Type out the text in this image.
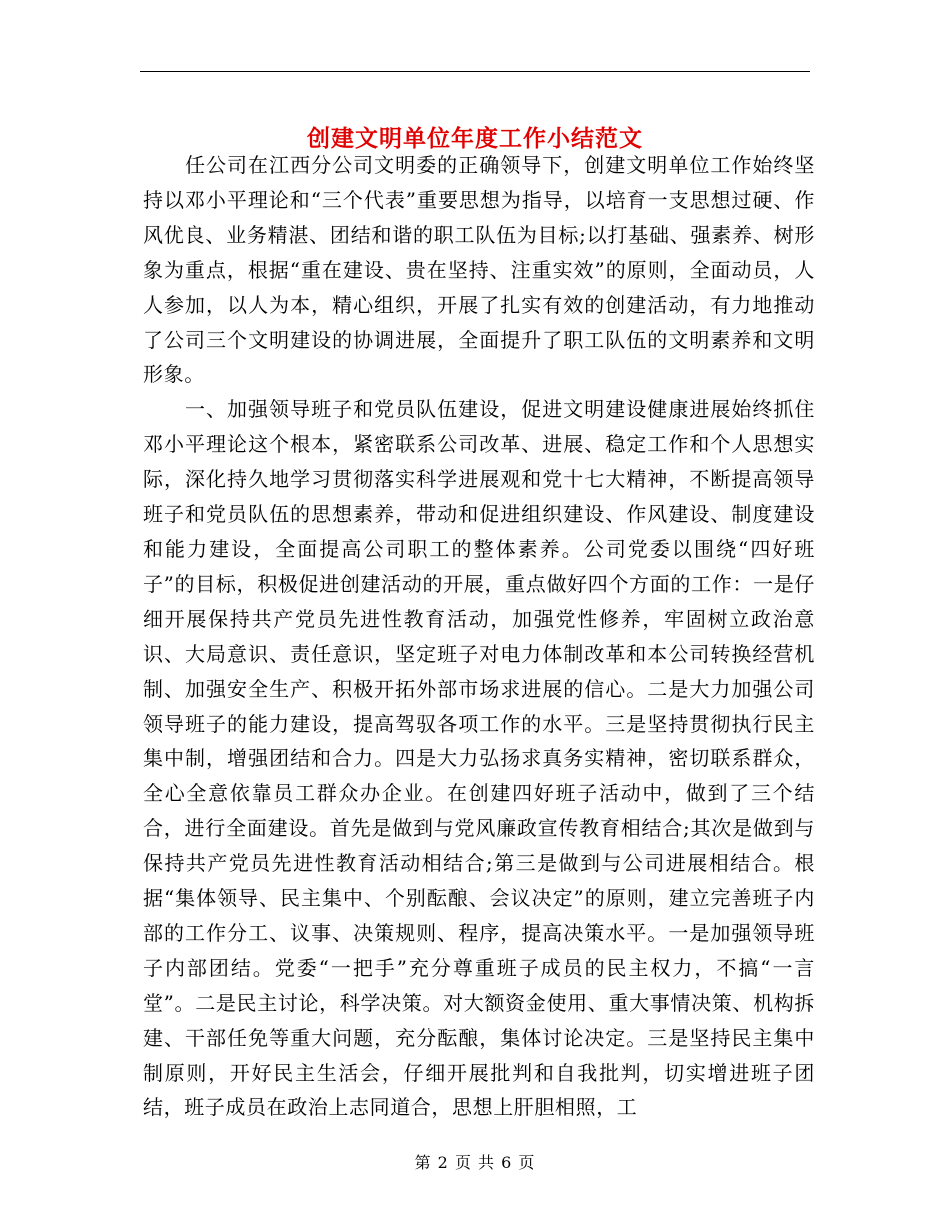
创建文明单位年度工作小结范文

任公司在江西分公司文明委的正确领导下，创建文明单位工作始终坚持以邓小平理论和“三个代表”重要思想为指导，以培育一支思想过硬、作风优良、业务精湛、团结和谐的职工队伍为目标;以打基础、强素养、树形象为重点，根据“重在建设、贵在坚持、注重实效”的原则，全面动员，人人参加，以人为本，精心组织，开展了扎实有效的创建活动，有力地推动了公司三个文明建设的协调进展，全面提升了职工队伍的文明素养和文明形象。

一、加强领导班子和党员队伍建设，促进文明建设健康进展始终抓住邓小平理论这个根本，紧密联系公司改革、进展、稳定工作和个人思想实际，深化持久地学习贯彻落实科学进展观和党十七大精神，不断提高领导班子和党员队伍的思想素养，带动和促进组织建设、作风建设、制度建设和能力建设，全面提高公司职工的整体素养。公司党委以围绕“四好班子”的目标，积极促进创建活动的开展，重点做好四个方面的工作：一是仔细开展保持共产党员先进性教育活动，加强党性修养，牢固树立政治意识、大局意识、责任意识，坚定班子对电力体制改革和本公司转换经营机制、加强安全生产、积极开拓外部市场求进展的信心。二是大力加强公司领导班子的能力建设，提高驾驭各项工作的水平。三是坚持贯彻执行民主集中制，增强团结和合力。四是大力弘扬求真务实精神，密切联系群众，全心全意依靠员工群众办企业。在创建四好班子活动中，做到了三个结合，进行全面建设。首先是做到与党风廉政宣传教育相结合;其次是做到与保持共产党员先进性教育活动相结合;第三是做到与公司进展相结合。根据“集体领导、民主集中、个别酝酿、会议决定”的原则，建立完善班子内部的工作分工、议事、决策规则、程序，提高决策水平。一是加强领导班子内部团结。党委“一把手”充分尊重班子成员的民主权力，不搞“一言堂”。二是民主讨论，科学决策。对大额资金使用、重大事情决策、机构拆建、干部任免等重大问题，充分酝酿，集体讨论决定。三是坚持民主集中制原则，开好民主生活会，仔细开展批判和自我批判，切实增进班子团结，班子成员在政治上志同道合，思想上肝胆相照，工

第 2 页 共 6 页
